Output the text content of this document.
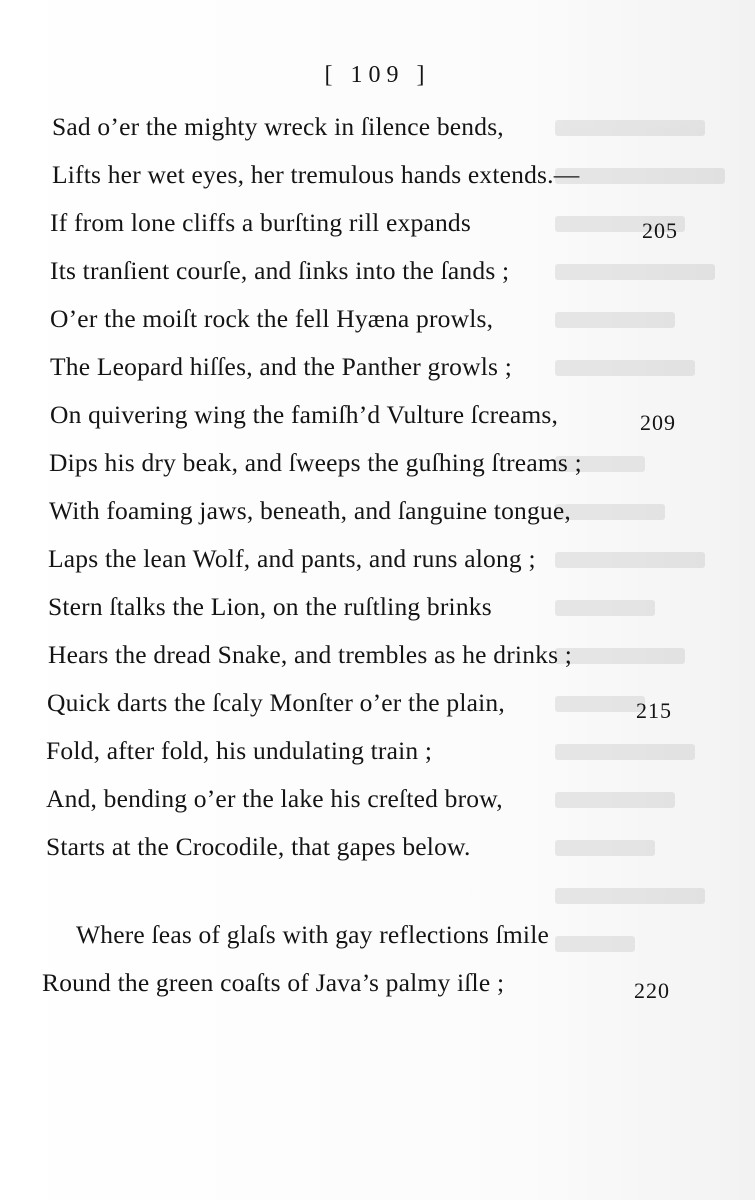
[ 109 ]
Sad o’er the mighty wreck in ſilence bends,
Lifts her wet eyes, her tremulous hands extends.—
If from lone cliffs a burſting rill expands	205
Its tranſient courſe, and ſinks into the ſands ;
O’er the moiſt rock the fell Hyæna prowls,
The Leopard hiſſes, and the Panther growls ;
On quivering wing the famiſh’d Vulture ſcreams,	209
Dips his dry beak, and ſweeps the guſhing ſtreams ;
With foaming jaws, beneath, and ſanguine tongue,
Laps the lean Wolf, and pants, and runs along ;
Stern ſtalks the Lion, on the ruſtling brinks
Hears the dread Snake, and trembles as he drinks ;
Quick darts the ſcaly Monſter o’er the plain,	215
Fold, after fold, his undulating train ;
And, bending o’er the lake his creſted brow,
Starts at the Crocodile, that gapes below.
Where ſeas of glaſs with gay reflections ſmile
Round the green coaſts of Java’s palmy iſle ;	220
